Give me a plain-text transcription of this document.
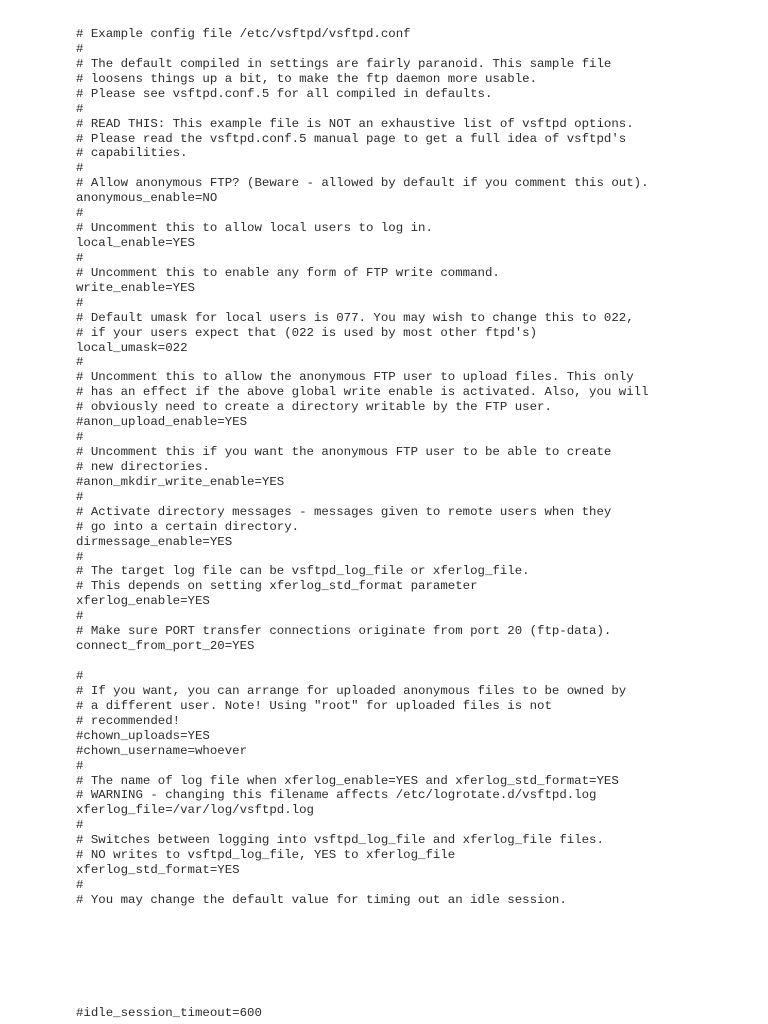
# Example config file /etc/vsftpd/vsftpd.conf
#
# The default compiled in settings are fairly paranoid. This sample file
# loosens things up a bit, to make the ftp daemon more usable.
# Please see vsftpd.conf.5 for all compiled in defaults.
#
# READ THIS: This example file is NOT an exhaustive list of vsftpd options.
# Please read the vsftpd.conf.5 manual page to get a full idea of vsftpd's
# capabilities.
#
# Allow anonymous FTP? (Beware - allowed by default if you comment this out).
anonymous_enable=NO
#
# Uncomment this to allow local users to log in.
local_enable=YES
#
# Uncomment this to enable any form of FTP write command.
write_enable=YES
#
# Default umask for local users is 077. You may wish to change this to 022,
# if your users expect that (022 is used by most other ftpd's)
local_umask=022
#
# Uncomment this to allow the anonymous FTP user to upload files. This only
# has an effect if the above global write enable is activated. Also, you will
# obviously need to create a directory writable by the FTP user.
#anon_upload_enable=YES
#
# Uncomment this if you want the anonymous FTP user to be able to create
# new directories.
#anon_mkdir_write_enable=YES
#
# Activate directory messages - messages given to remote users when they
# go into a certain directory.
dirmessage_enable=YES
#
# The target log file can be vsftpd_log_file or xferlog_file.
# This depends on setting xferlog_std_format parameter
xferlog_enable=YES
#
# Make sure PORT transfer connections originate from port 20 (ftp-data).
connect_from_port_20=YES
#
# If you want, you can arrange for uploaded anonymous files to be owned by
# a different user. Note! Using "root" for uploaded files is not
# recommended!
#chown_uploads=YES
#chown_username=whoever
#
# The name of log file when xferlog_enable=YES and xferlog_std_format=YES
# WARNING - changing this filename affects /etc/logrotate.d/vsftpd.log
xferlog_file=/var/log/vsftpd.log
#
# Switches between logging into vsftpd_log_file and xferlog_file files.
# NO writes to vsftpd_log_file, YES to xferlog_file
xferlog_std_format=YES
#
# You may change the default value for timing out an idle session.
#idle_session_timeout=600
